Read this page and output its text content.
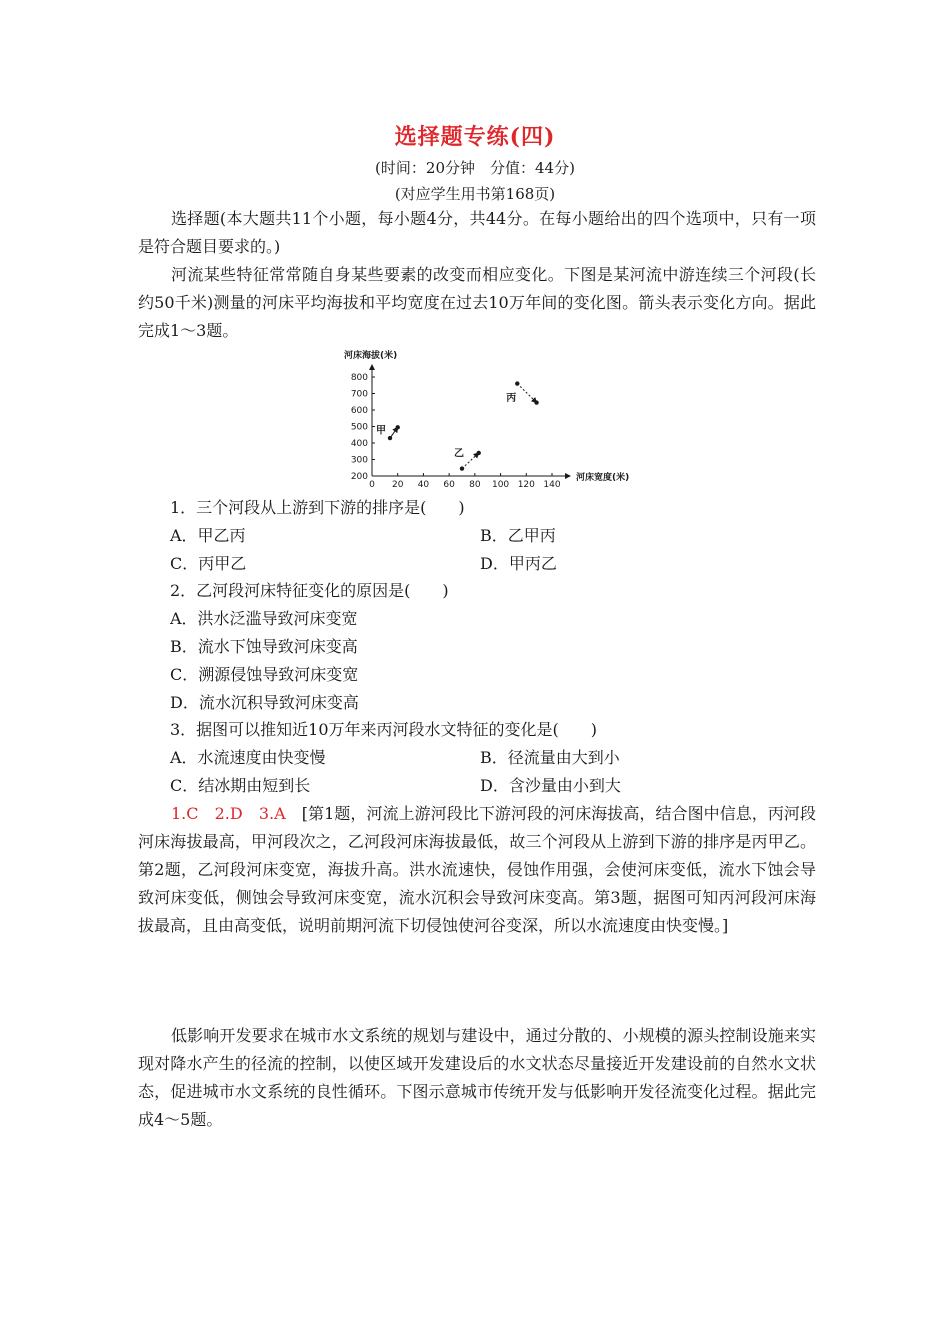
选择题专练(四)
(时间：20分钟　分值：44分)
(对应学生用书第168页)
选择题(本大题共11个小题，每小题4分，共44分。在每小题给出的四个选项中，只有一项是符合题目要求的。)
河流某些特征常常随自身某些要素的改变而相应变化。下图是某河流中游连续三个河段(长约50千米)测量的河床平均海拔和平均宽度在过去10万年间的变化图。箭头表示变化方向。据此完成1～3题。
河床海拔(米)
河床宽度(米)
0 20 40 60 80 100 120 140
200
300
400
500
600
700
800
甲
乙
丙
1．三个河段从上游到下游的排序是(　　)
A．甲乙丙	B．乙甲丙
C．丙甲乙	D．甲丙乙
2．乙河段河床特征变化的原因是(　　)
A．洪水泛滥导致河床变宽
B．流水下蚀导致河床变高
C．溯源侵蚀导致河床变宽
D．流水沉积导致河床变高
3．据图可以推知近10万年来丙河段水文特征的变化是(　　)
A．水流速度由快变慢	B．径流量由大到小
C．结冰期由短到长	D．含沙量由小到大
1.C　2.D　3.A　[第1题，河流上游河段比下游河段的河床海拔高，结合图中信息，丙河段河床海拔最高，甲河段次之，乙河段河床海拔最低，故三个河段从上游到下游的排序是丙甲乙。第2题，乙河段河床变宽，海拔升高。洪水流速快，侵蚀作用强，会使河床变低，流水下蚀会导致河床变低，侧蚀会导致河床变宽，流水沉积会导致河床变高。第3题，据图可知丙河段河床海拔最高，且由高变低，说明前期河流下切侵蚀使河谷变深，所以水流速度由快变慢。]
低影响开发要求在城市水文系统的规划与建设中，通过分散的、小规模的源头控制设施来实现对降水产生的径流的控制，以使区域开发建设后的水文状态尽量接近开发建设前的自然水文状态，促进城市水文系统的良性循环。下图示意城市传统开发与低影响开发径流变化过程。据此完成4～5题。
